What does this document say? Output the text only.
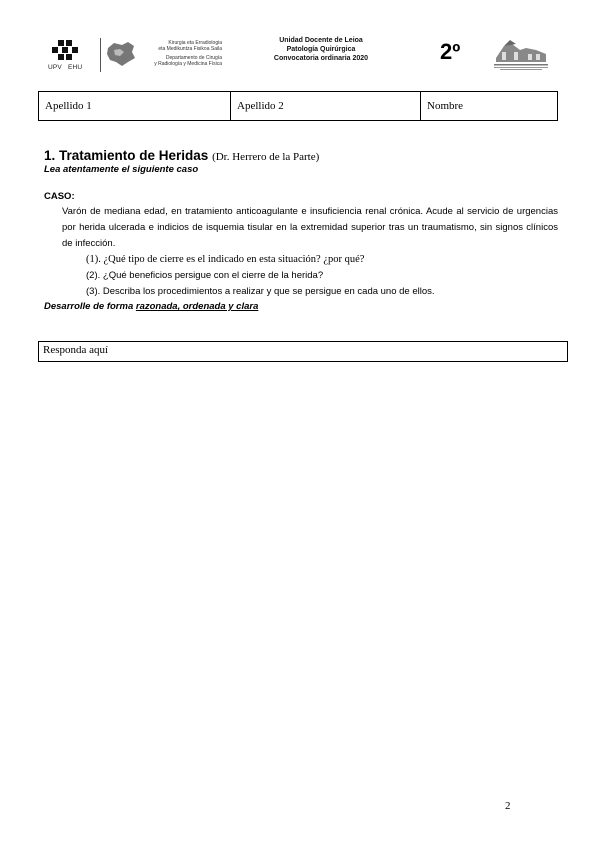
UPV EHU
Kirurgia eta Erradiologia
eta Medikuntza Fisikoa Saila
Departamento de Cirugía
y Radiología y Medicina Física
Unidad Docente de Leioa
Patología Quirúrgica
Convocatoria ordinaria 2020	2º
Apellido 1	Apellido 2	Nombre
1. Tratamiento de Heridas (Dr. Herrero de la Parte)
Lea atentamente el siguiente caso
CASO:
Varón de mediana edad, en tratamiento anticoagulante e insuficiencia renal crónica. Acude al servicio de urgencias por herida ulcerada e indicios de isquemia tisular en la extremidad superior tras un traumatismo, sin signos clínicos de infección.
(1). ¿Qué tipo de cierre es el indicado en esta situación? ¿por qué?
(2). ¿Qué beneficios persigue con el cierre de la herida?
(3). Describa los procedimientos a realizar y que se persigue en cada uno de ellos.
Desarrolle de forma razonada, ordenada y clara
Responda aquí
2
